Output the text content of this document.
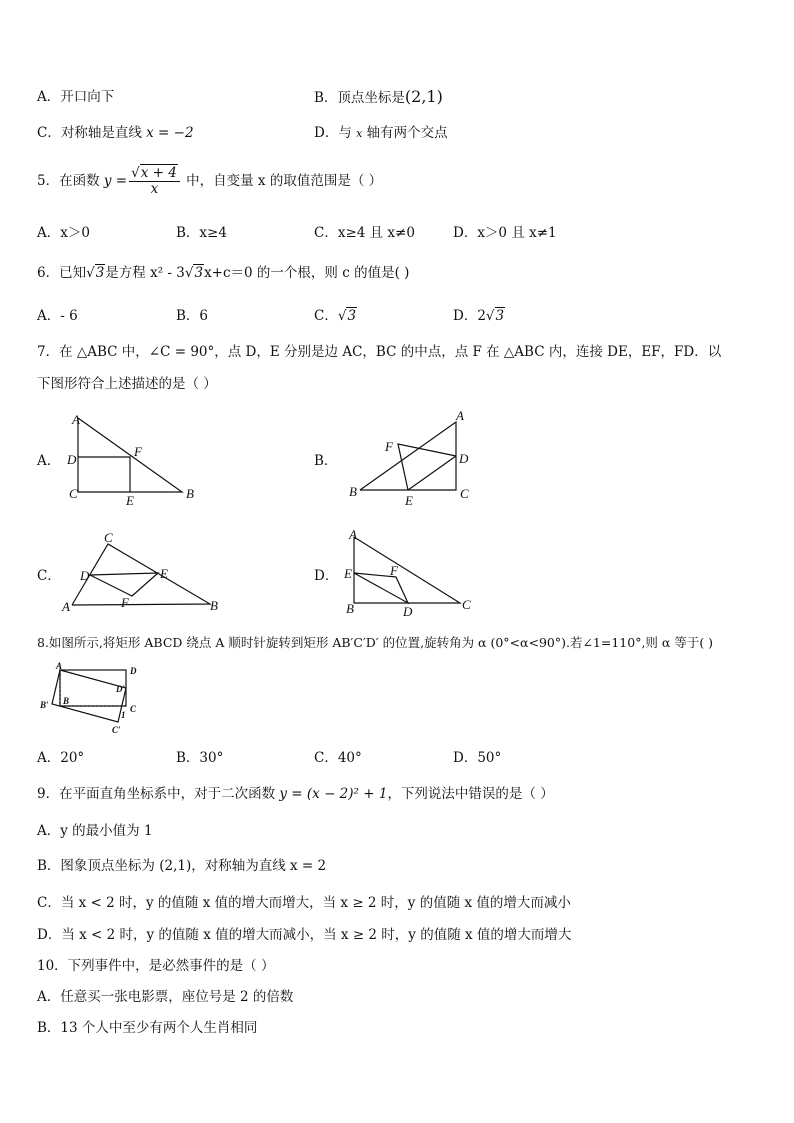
A．开口向下	B．顶点坐标是(2,1)
C．对称轴是直线 x = −2	D．与 x 轴有两个交点
5．在函数 $y = \frac{√x + 4}{x}$ 中，自变量 x 的取值范围是（ ）
A．x＞0	B．x≥4	C．x≥4 且 x≠0	D．x＞0 且 x≠1
6．已知√3是方程 x² - 3√3x+c＝0 的一个根，则 c 的值是( )
A．- 6	B．6	C．√3	D．2√3
7．在 △ABC 中，∠C = 90°，点 D，E 分别是边 AC，BC 的中点，点 F 在 △ABC 内，连接 DE，EF，FD．以
下图形符合上述描述的是（ ）
A．
A
D
F
C	E	B
B．
A
F
D
B
E	C
C．
C
D	E
F
A	B
D．
A
E	F
B	D	C
8.如图所示,将矩形 ABCD 绕点 A 顺时针旋转到矩形 AB′C′D′ 的位置,旋转角为 α (0°<α<90°).若∠1=110°,则 α 等于( )
A	D
D′
B′ B
C
1
C′
A．20°	B．30°	C．40°	D．50°
9．在平面直角坐标系中，对于二次函数 y = (x − 2)² + 1，下列说法中错误的是（ ）
A．y 的最小值为 1
B．图象顶点坐标为 (2,1)，对称轴为直线 x = 2
C．当 x < 2 时，y 的值随 x 值的增大而增大，当 x ≥ 2 时，y 的值随 x 值的增大而减小
D．当 x < 2 时，y 的值随 x 值的增大而减小，当 x ≥ 2 时，y 的值随 x 值的增大而增大
10．下列事件中，是必然事件的是（ ）
A．任意买一张电影票，座位号是 2 的倍数
B．13 个人中至少有两个人生肖相同
